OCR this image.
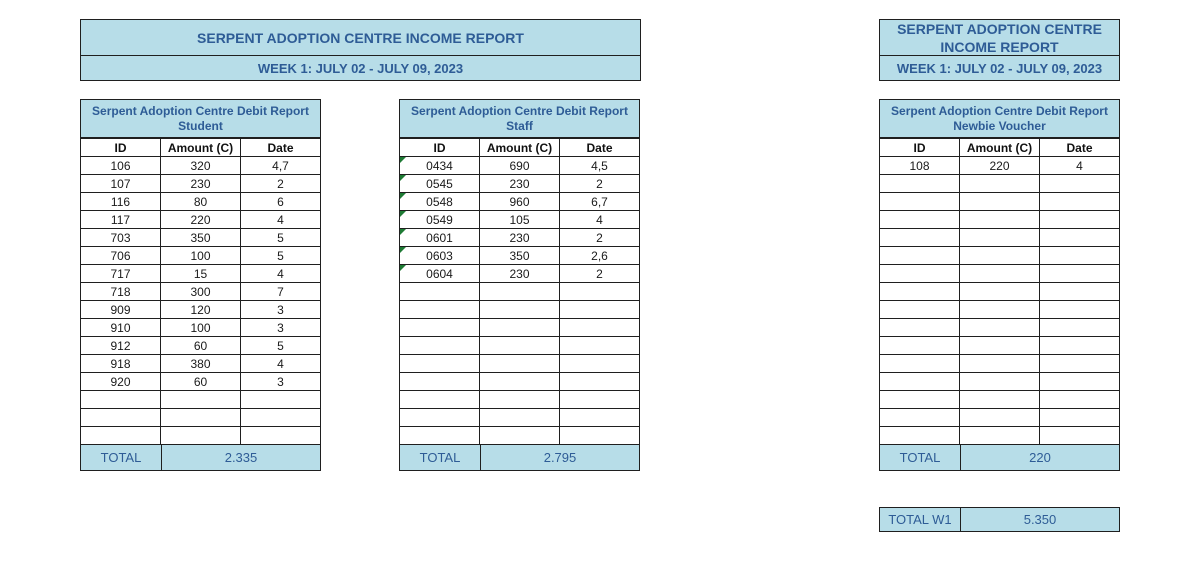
SERPENT ADOPTION CENTRE INCOME REPORT
WEEK 1: JULY 02 - JULY 09, 2023
SERPENT ADOPTION CENTRE
INCOME REPORT
WEEK 1: JULY 02 - JULY 09, 2023
Serpent Adoption Centre Debit Report
Student
ID	Amount (C)	Date
106	320	4,7
107	230	2
116	80	6
117	220	4
703	350	5
706	100	5
717	15	4
718	300	7
909	120	3
910	100	3
912	60	5
918	380	4
920	60	3

TOTAL	2.335
Serpent Adoption Centre Debit Report
Staff
ID	Amount (C)	Date
0434	690	4,5
0545	230	2
0548	960	6,7
0549	105	4
0601	230	2
0603	350	2,6
0604	230	2

TOTAL	2.795
Serpent Adoption Centre Debit Report
Newbie Voucher
ID	Amount (C)	Date
108	220	4

TOTAL	220
TOTAL W1	5.350
